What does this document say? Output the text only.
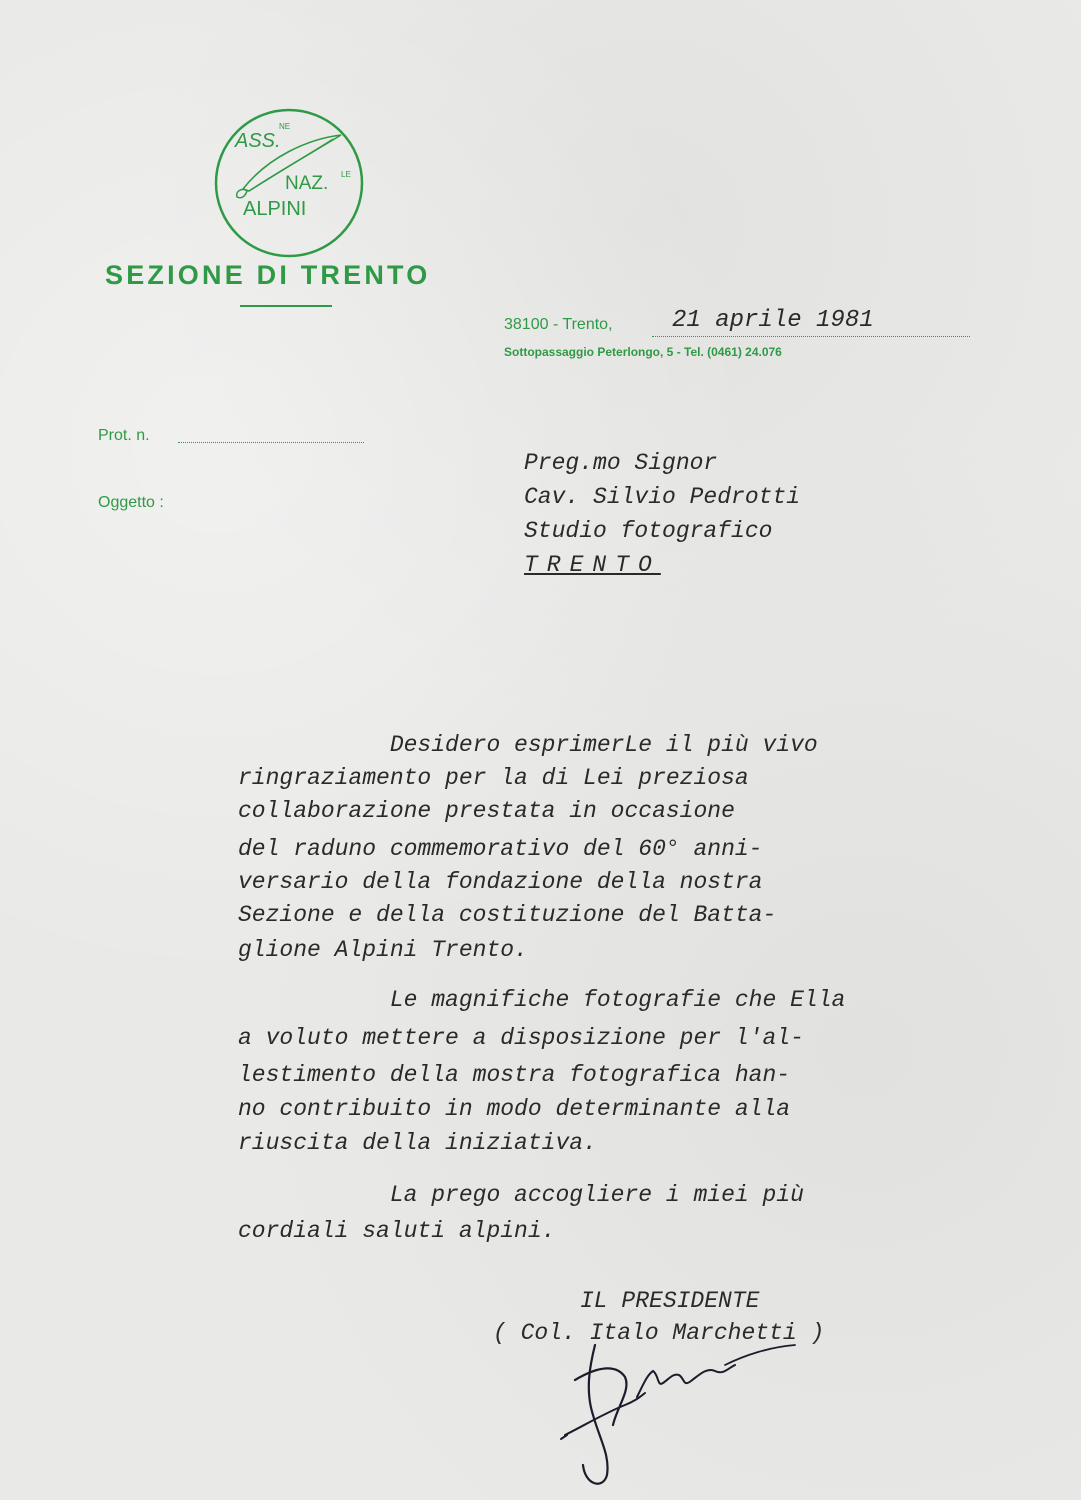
ASS.
NE
NAZ. LE
ALPINI
SEZIONE DI TRENTO
38100 - Trento, 21 aprile 1981
Sottopassaggio Peterlongo, 5 - Tel. (0461) 24.076
Prot. n.
Oggetto :
Preg.mo Signor
Cav. Silvio Pedrotti
Studio fotografico
TRENTO
Desidero esprimerLe il più vivo
ringraziamento per la di Lei preziosa
collaborazione prestata in occasione
del raduno commemorativo del 60° anni-
versario della fondazione della nostra
Sezione e della costituzione del Batta-
glione Alpini Trento.
Le magnifiche fotografie che Ella
a voluto mettere a disposizione per l'al-
lestimento della mostra fotografica han-
no contribuito in modo determinante alla
riuscita della iniziativa.
La prego accogliere i miei più
cordiali saluti alpini.
IL PRESIDENTE
( Col. Italo Marchetti )
